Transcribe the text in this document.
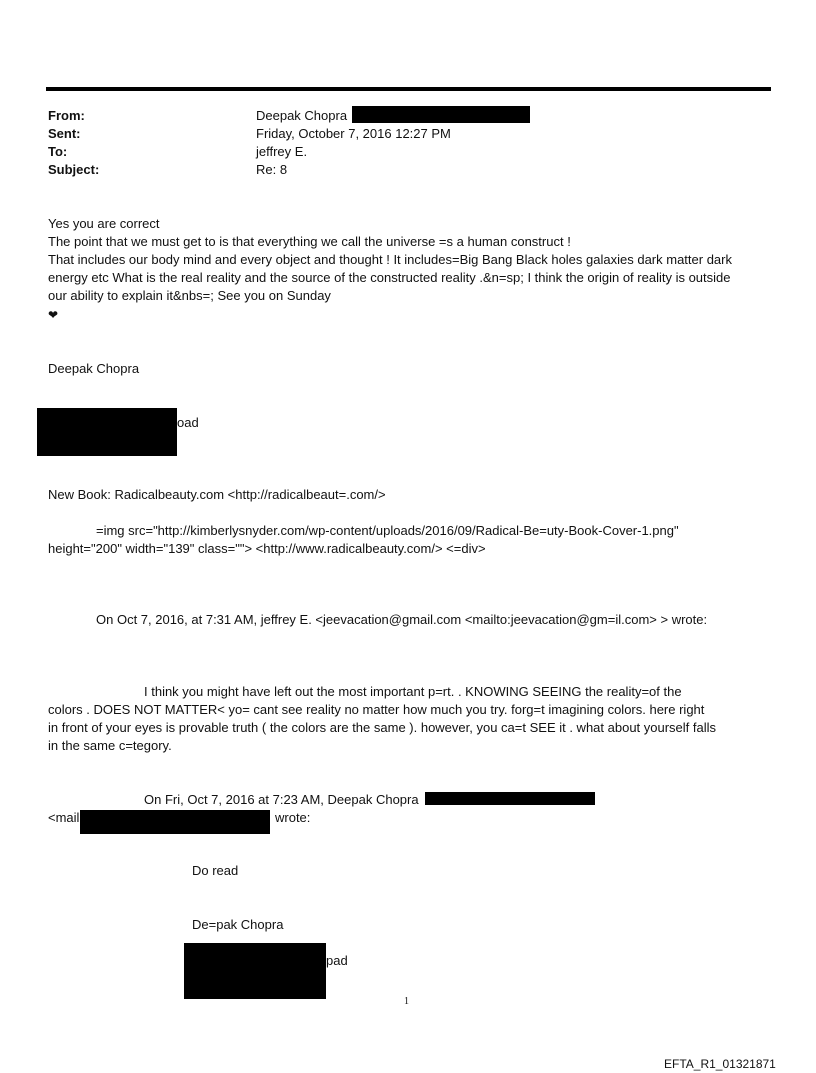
From:	Deepak Chopra
Sent:	Friday, October 7, 2016 12:27 PM
To:	jeffrey E.
Subject:	Re: 8
Yes you are correct
The point that we must get to is that everything we call the universe =s a human construct !
That includes our body mind and every object and thought ! It includes=Big Bang Black holes galaxies dark matter dark
energy etc What is the real reality and the source of the constructed reality .&n=sp; I think the origin of reality is outside
our ability to explain it&nbs=; See you on Sunday
❤
Deepak Chopra
oad
New Book: Radicalbeauty.com <http://radicalbeaut=.com/>
=img src="http://kimberlysnyder.com/wp-content/uploads/2016/09/Radical-Be=uty-Book-Cover-1.png"
height="200" width="139" class=""> <http://www.radicalbeauty.com/> <=div>
On Oct 7, 2016, at 7:31 AM, jeffrey E. <jeevacation@gmail.com <mailto:jeevacation@gm=il.com> > wrote:
I think you might have left out the most important p=rt. . KNOWING SEEING the reality=of the
colors . DOES NOT MATTER< yo= cant see reality no matter how much you try. forg=t imagining colors. here right
in front of your eyes is provable truth ( the colors are the same ). however, you ca=t SEE it . what about yourself falls
in the same c=tegory.
On Fri, Oct 7, 2016 at 7:23 AM, Deepak Chopra
<mail	wrote:
Do read
De=pak Chopra
pad
1
EFTA_R1_01321871
